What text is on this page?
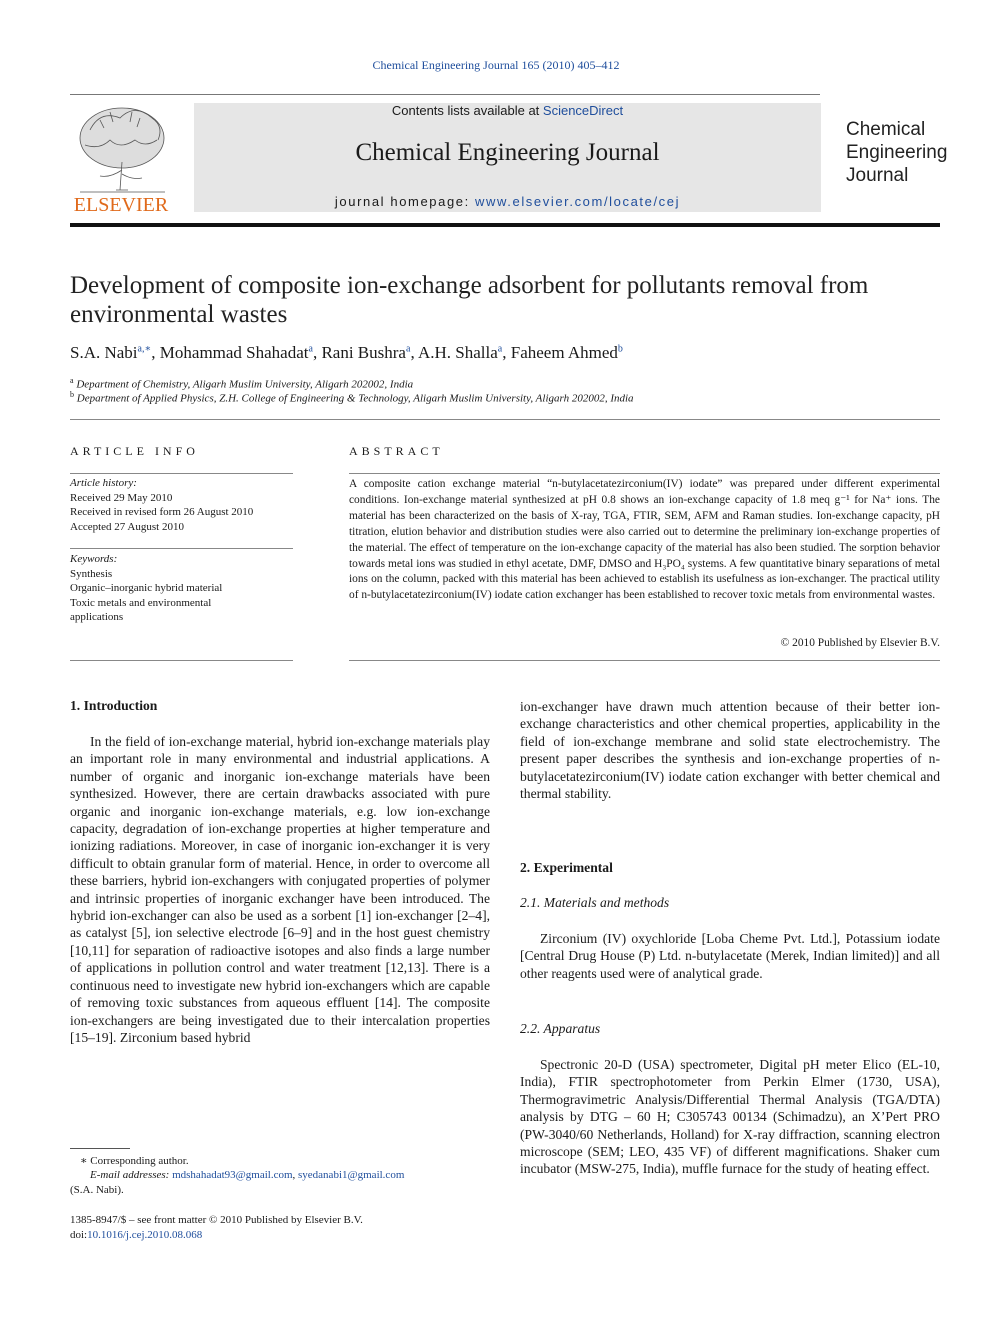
Chemical Engineering Journal 165 (2010) 405–412
ELSEVIER
Contents lists available at ScienceDirect
Chemical Engineering Journal
journal homepage: www.elsevier.com/locate/cej
Chemical
Engineering
Journal
Development of composite ion-exchange adsorbent for pollutants removal from environmental wastes
S.A. Nabi$^{a,∗}$, Mohammad Shahadat$^a$, Rani Bushra$^a$, A.H. Shalla$^a$, Faheem Ahmed$^b$
$^a$ Department of Chemistry, Aligarh Muslim University, Aligarh 202002, India
$^b$ Department of Applied Physics, Z.H. College of Engineering & Technology, Aligarh Muslim University, Aligarh 202002, India
ARTICLE INFO	ABSTRACT
Article history:
Received 29 May 2010
Received in revised form 26 August 2010
Accepted 27 August 2010
Keywords:
Synthesis
Organic–inorganic hybrid material
Toxic metals and environmental
applications
A composite cation exchange material “n-butylacetatezirconium(IV) iodate” was prepared under different experimental conditions. Ion-exchange material synthesized at pH 0.8 shows an ion-exchange capacity of 1.8 meq g⁻¹ for Na⁺ ions. The material has been characterized on the basis of X-ray, TGA, FTIR, SEM, AFM and Raman studies. Ion-exchange capacity, pH titration, elution behavior and distribution studies were also carried out to determine the preliminary ion-exchange properties of the material. The effect of temperature on the ion-exchange capacity of the material has also been studied. The sorption behavior towards metal ions was studied in ethyl acetate, DMF, DMSO and H₃PO₄ systems. A few quantitative binary separations of metal ions on the column, packed with this material has been achieved to establish its usefulness as ion-exchanger. The practical utility of n-butylacetatezirconium(IV) iodate cation exchanger has been established to recover toxic metals from environmental wastes.
© 2010 Published by Elsevier B.V.
1. Introduction
In the field of ion-exchange material, hybrid ion-exchange materials play an important role in many environmental and industrial applications. A number of organic and inorganic ion-exchange materials have been synthesized. However, there are certain drawbacks associated with pure organic and inorganic ion-exchange materials, e.g. low ion-exchange capacity, degradation of ion-exchange properties at higher temperature and ionizing radiations. Moreover, in case of inorganic ion-exchanger it is very difficult to obtain granular form of material. Hence, in order to overcome all these barriers, hybrid ion-exchangers with conjugated properties of polymer and intrinsic properties of inorganic exchanger have been introduced. The hybrid ion-exchanger can also be used as a sorbent [1] ion-exchanger [2–4], as catalyst [5], ion selective electrode [6–9] and in the host guest chemistry [10,11] for separation of radioactive isotopes and also finds a large number of applications in pollution control and water treatment [12,13]. There is a continuous need to investigate new hybrid ion-exchangers which are capable of removing toxic substances from aqueous effluent [14]. The composite ion-exchangers are being investigated due to their intercalation properties [15–19]. Zirconium based hybrid
ion-exchanger have drawn much attention because of their better ion-exchange characteristics and other chemical properties, applicability in the field of ion-exchange membrane and solid state electrochemistry. The present paper describes the synthesis and ion-exchange properties of n-butylacetatezirconium(IV) iodate cation exchanger with better chemical and thermal stability.
2. Experimental
2.1. Materials and methods
Zirconium (IV) oxychloride [Loba Cheme Pvt. Ltd.], Potassium iodate [Central Drug House (P) Ltd. n-butylacetate (Merek, Indian limited)] and all other reagents used were of analytical grade.
2.2. Apparatus
Spectronic 20-D (USA) spectrometer, Digital pH meter Elico (EL-10, India), FTIR spectrophotometer from Perkin Elmer (1730, USA), Thermogravimetric Analysis/Differential Thermal Analysis (TGA/DTA) analysis by DTG – 60 H; C305743 00134 (Schimadzu), an X’Pert PRO (PW-3040/60 Netherlands, Holland) for X-ray diffraction, scanning electron microscope (SEM; LEO, 435 VF) of different magnifications. Shaker cum incubator (MSW-275, India), muffle furnace for the study of heating effect.
∗ Corresponding author.
E-mail addresses: mdshahadat93@gmail.com, syedanabi1@gmail.com
(S.A. Nabi).
1385-8947/$ – see front matter © 2010 Published by Elsevier B.V.
doi:10.1016/j.cej.2010.08.068
